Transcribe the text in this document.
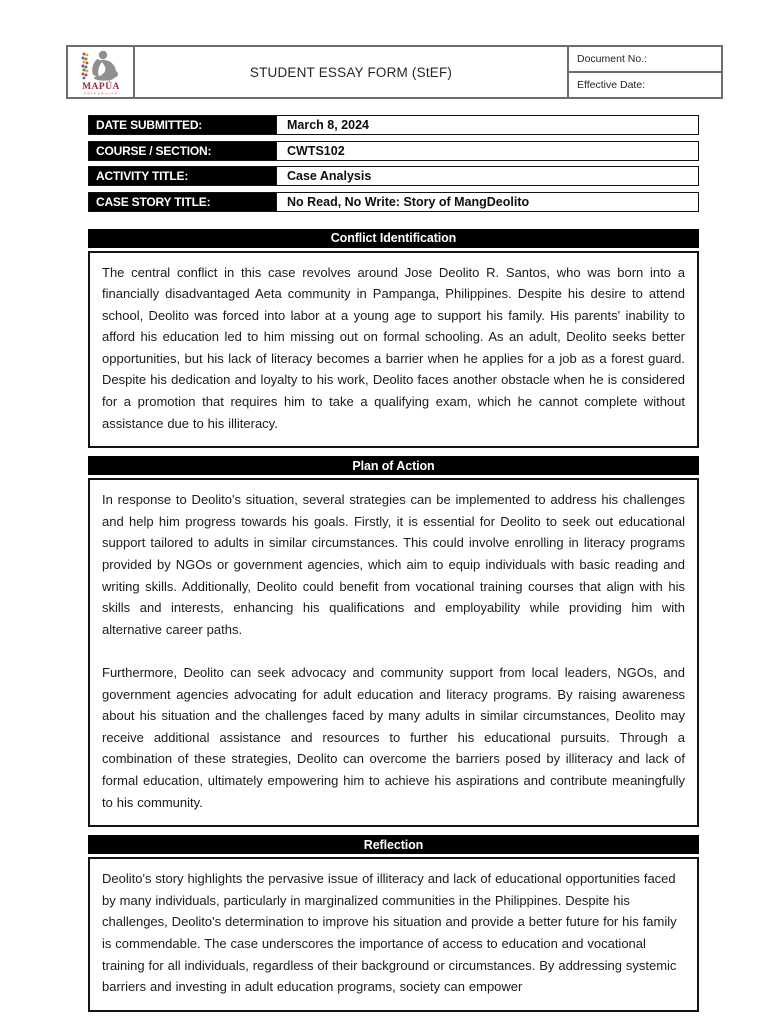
MAPÚA
UNIVERSITY
STUDENT ESSAY FORM (StEF)
Document No.:
Effective Date:
DATE SUBMITTED:	March 8, 2024
COURSE / SECTION:	CWTS102
ACTIVITY TITLE:	Case Analysis
CASE STORY TITLE:	No Read, No Write: Story of MangDeolito
Conflict Identification

The central conflict in this case revolves around Jose Deolito R. Santos, who was born into a financially disadvantaged Aeta community in Pampanga, Philippines. Despite his desire to attend school, Deolito was forced into labor at a young age to support his family. His parents' inability to afford his education led to him missing out on formal schooling. As an adult, Deolito seeks better opportunities, but his lack of literacy becomes a barrier when he applies for a job as a forest guard. Despite his dedication and loyalty to his work, Deolito faces another obstacle when he is considered for a promotion that requires him to take a qualifying exam, which he cannot complete without assistance due to his illiteracy.

Plan of Action

In response to Deolito's situation, several strategies can be implemented to address his challenges and help him progress towards his goals. Firstly, it is essential for Deolito to seek out educational support tailored to adults in similar circumstances. This could involve enrolling in literacy programs provided by NGOs or government agencies, which aim to equip individuals with basic reading and writing skills. Additionally, Deolito could benefit from vocational training courses that align with his skills and interests, enhancing his qualifications and employability while providing him with alternative career paths.

Furthermore, Deolito can seek advocacy and community support from local leaders, NGOs, and government agencies advocating for adult education and literacy programs. By raising awareness about his situation and the challenges faced by many adults in similar circumstances, Deolito may receive additional assistance and resources to further his educational pursuits. Through a combination of these strategies, Deolito can overcome the barriers posed by illiteracy and lack of formal education, ultimately empowering him to achieve his aspirations and contribute meaningfully to his community.

Reflection

Deolito's story highlights the pervasive issue of illiteracy and lack of educational opportunities faced by many individuals, particularly in marginalized communities in the Philippines. Despite his challenges, Deolito's determination to improve his situation and provide a better future for his family is commendable. The case underscores the importance of access to education and vocational training for all individuals, regardless of their background or circumstances. By addressing systemic barriers and investing in adult education programs, society can empower
